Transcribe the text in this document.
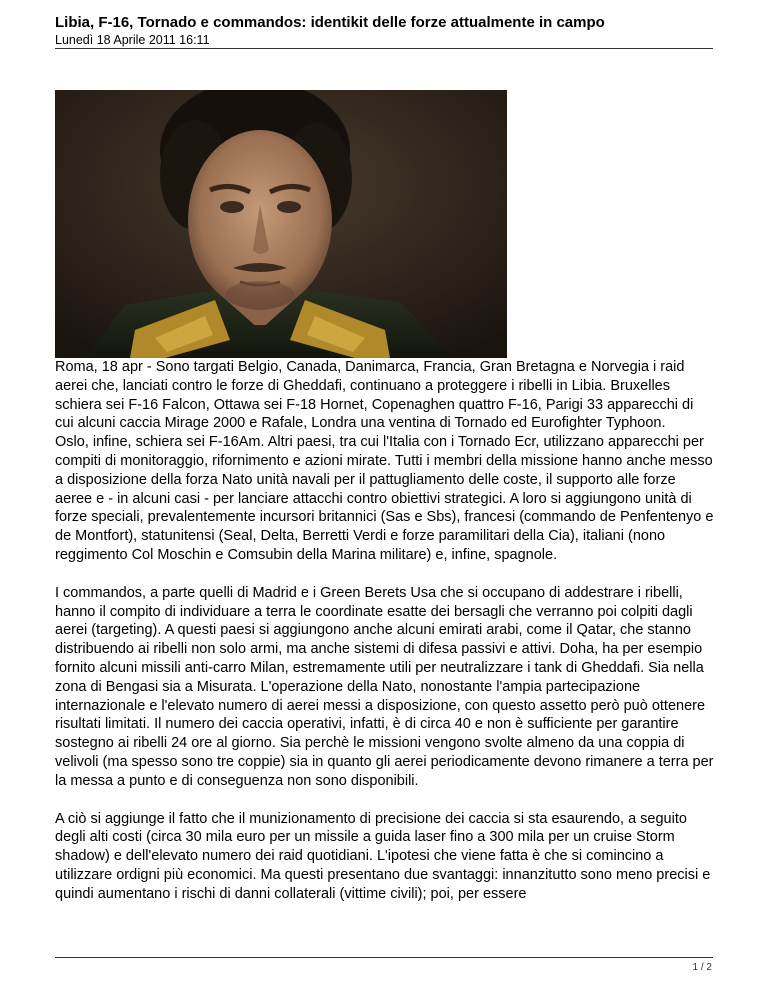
Libia, F-16, Tornado e commandos: identikit delle forze attualmente in campo

Lunedì 18 Aprile 2011 16:11

Roma, 18 apr - Sono targati Belgio, Canada, Danimarca, Francia, Gran Bretagna e Norvegia i raid aerei che, lanciati contro le forze di Gheddafi, continuano a proteggere i ribelli in Libia. Bruxelles schiera sei F-16 Falcon, Ottawa sei F-18 Hornet, Copenaghen quattro F-16, Parigi 33 apparecchi di cui alcuni caccia Mirage 2000 e Rafale, Londra una ventina di Tornado ed Eurofighter Typhoon.       Oslo, infine, schiera sei F-16Am. Altri paesi, tra cui l'Italia con i Tornado Ecr, utilizzano apparecchi per compiti di monitoraggio, rifornimento e azioni mirate. Tutti i membri della missione hanno anche messo a disposizione della forza Nato unità navali per il pattugliamento delle coste, il supporto alle forze aeree e - in alcuni casi - per lanciare attacchi contro obiettivi strategici. A loro si aggiungono unità di forze speciali, prevalentemente incursori britannici (Sas e Sbs), francesi (commando de Penfentenyo e de Montfort), statunitensi (Seal, Delta, Berretti Verdi e forze paramilitari della Cia), italiani (nono reggimento Col Moschin e Comsubin della Marina militare) e, infine, spagnole.

I commandos, a parte quelli di Madrid e i Green Berets Usa che si occupano di addestrare i ribelli, hanno il compito di individuare a terra le coordinate esatte dei bersagli che verranno poi colpiti dagli aerei (targeting). A questi paesi si aggiungono anche alcuni emirati arabi, come il Qatar, che stanno distribuendo ai ribelli non solo armi, ma anche sistemi di difesa passivi e attivi. Doha, ha per esempio fornito alcuni missili anti-carro Milan, estremamente utili per neutralizzare i tank di Gheddafi. Sia nella zona di Bengasi sia a Misurata. L'operazione della Nato, nonostante l'ampia partecipazione internazionale e l'elevato numero di aerei messi a disposizione, con questo assetto però può ottenere risultati limitati. Il numero dei caccia operativi, infatti, è di circa 40 e non è sufficiente per garantire sostegno ai ribelli 24 ore al giorno. Sia perchè le missioni vengono svolte almeno da una coppia di velivoli (ma spesso sono tre coppie) sia in quanto gli aerei periodicamente devono rimanere a terra per la messa a punto e di conseguenza non sono disponibili.

A ciò si aggiunge il fatto che il munizionamento di precisione dei caccia si sta esaurendo, a seguito degli alti costi (circa 30 mila euro per un missile a guida laser fino a 300 mila per un cruise Storm shadow) e dell'elevato numero dei raid quotidiani. L'ipotesi che viene fatta è che si comincino a utilizzare ordigni più economici. Ma questi presentano due svantaggi: innanzitutto sono meno precisi e quindi aumentano i rischi di danni collaterali (vittime civili); poi, per essere

1 / 2
